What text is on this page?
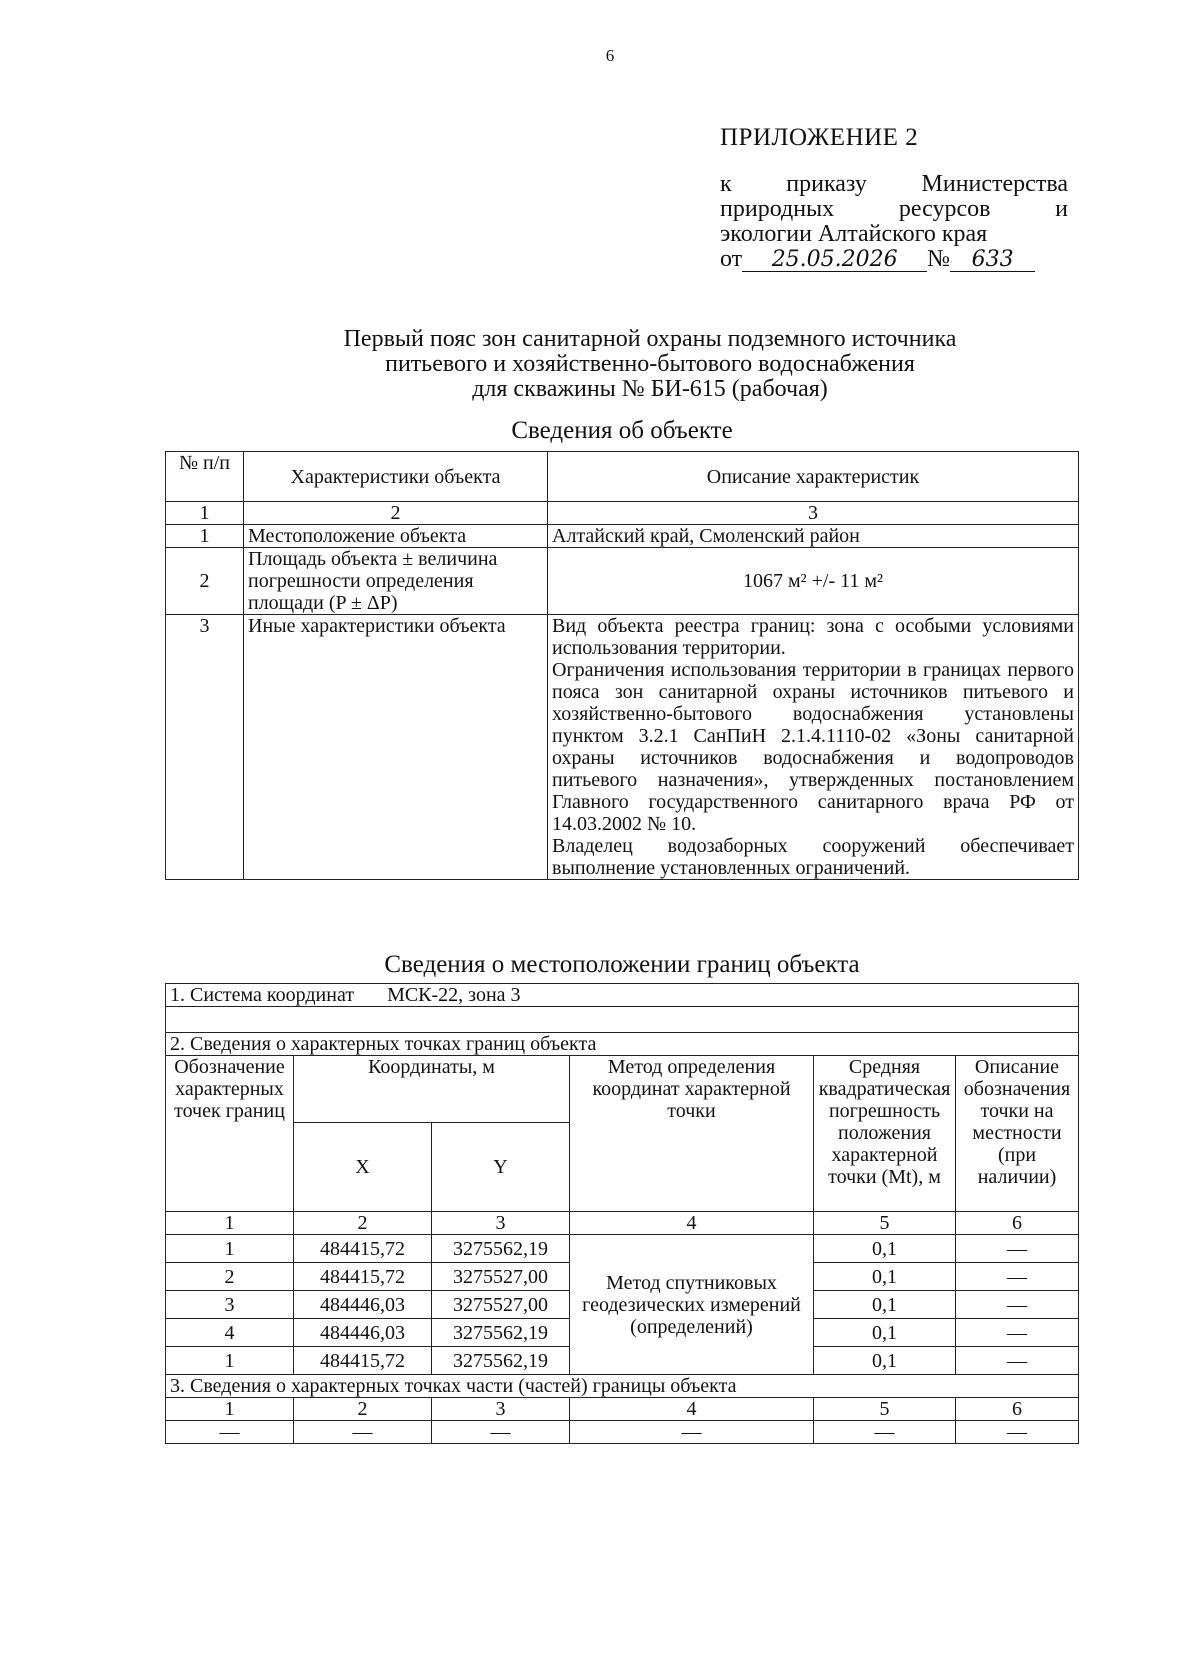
6
ПРИЛОЖЕНИЕ 2
к приказу Министерства
природных	ресурсов	и
экологии Алтайского края
от 25.05.2026 № 633
Первый пояс зон санитарной охраны подземного источника
питьевого и хозяйственно-бытового водоснабжения
для скважины № БИ-615 (рабочая)
Сведения об объекте
№ п/п	Характеристики объекта	Описание характеристик
1	2	3
1	Местоположение объекта	Алтайский край, Смоленский район
2	Площадь объекта ± величина
погрешности определения
площади (P ± ΔP)	1067 м² +/- 11 м²
3	Иные характеристики объекта	Вид объекта реестра границ: зона с особыми условиями использования территории.
Ограничения использования территории в границах первого пояса зон санитарной охраны источников питьевого и хозяйственно-бытового водоснабжения установлены пунктом 3.2.1 СанПиН 2.1.4.1110-02 «Зоны санитарной охраны источников водоснабжения и водопроводов питьевого назначения», утвержденных постановлением Главного государственного санитарного врача РФ от 14.03.2002 № 10.
Владелец водозаборных сооружений обеспечивает выполнение установленных ограничений.
Сведения о местоположении границ объекта
1. Система координат МСК-22, зона 3					

2. Сведения о характерных точках границ объекта					
Обозначение характерных точек границ	Координаты, м		Метод определения координат характерной точки	Средняя квадратическая погрешность положения характерной точки (Mt), м	Описание обозначения точки на местности (при наличии)
	X	Y			
1	2	3	4	5	6
1	484415,72	3275562,19	Метод спутниковых геодезических измерений (определений)	0,1	—
2	484415,72	3275527,00		0,1	—
3	484446,03	3275527,00		0,1	—
4	484446,03	3275562,19		0,1	—
1	484415,72	3275562,19		0,1	—
3. Сведения о характерных точках части (частей) границы объекта					
1	2	3	4	5	6
—	—	—	—	—	—
